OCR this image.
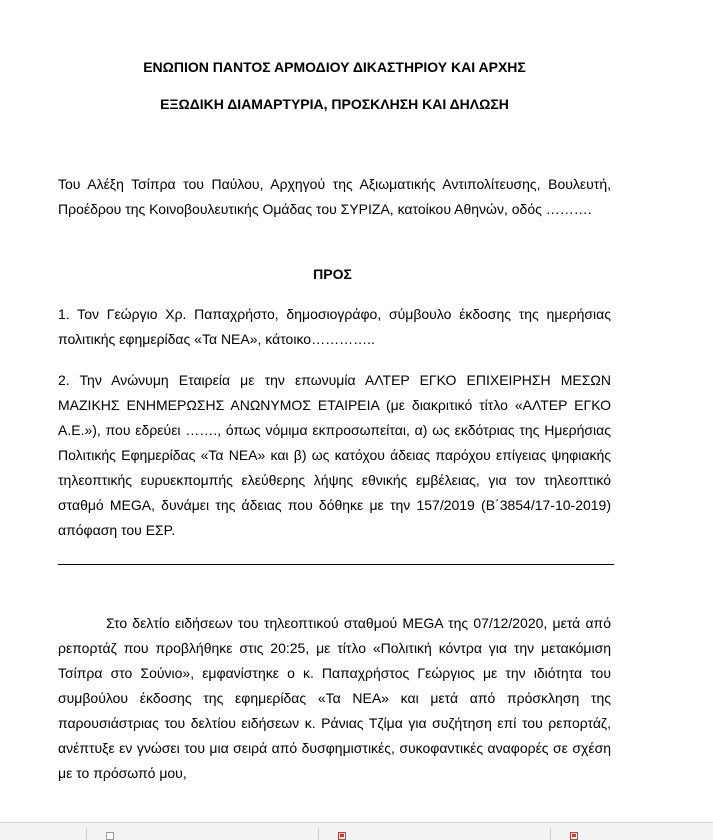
ΕΝΩΠΙΟΝ ΠΑΝΤΟΣ ΑΡΜΟΔΙΟΥ ΔΙΚΑΣΤΗΡΙΟΥ ΚΑΙ ΑΡΧΗΣ
ΕΞΩΔΙΚΗ ΔΙΑΜΑΡΤΥΡΙΑ, ΠΡΟΣΚΛΗΣΗ ΚΑΙ ΔΗΛΩΣΗ

Του Αλέξη Τσίπρα του Παύλου, Αρχηγού της Αξιωματικής Αντιπολίτευσης, Βουλευτή, Προέδρου της Κοινοβουλευτικής Ομάδας του ΣΥΡΙΖΑ, κατοίκου Αθηνών, οδός ……….

ΠΡΟΣ

1. Τον Γεώργιο Χρ. Παπαχρήστο, δημοσιογράφο, σύμβουλο έκδοσης της ημερήσιας πολιτικής εφημερίδας «Τα ΝΕΑ», κάτοικο…………..

2. Την Ανώνυμη Εταιρεία με την επωνυμία ΑΛΤΕΡ ΕΓΚΟ ΕΠΙΧΕΙΡΗΣΗ ΜΕΣΩΝ ΜΑΖΙΚΗΣ ΕΝΗΜΕΡΩΣΗΣ ΑΝΩΝΥΜΟΣ ΕΤΑΙΡΕΙΑ (με διακριτικό τίτλο «ΑΛΤΕΡ ΕΓΚΟ Α.Ε.»), που εδρεύει ……., όπως νόμιμα εκπροσωπείται, α) ως εκδότριας της Ημερήσιας Πολιτικής Εφημερίδας «Τα ΝΕΑ» και β) ως κατόχου άδειας παρόχου επίγειας ψηφιακής τηλεοπτικής ευρυεκπομπής ελεύθερης λήψης εθνικής εμβέλειας, για τον τηλεοπτικό σταθμό MEGA, δυνάμει της άδειας που δόθηκε με την 157/2019 (Β΄3854/17-10-2019) απόφαση του ΕΣΡ.

Στο δελτίο ειδήσεων του τηλεοπτικού σταθμού MEGA της 07/12/2020, μετά από ρεπορτάζ που προβλήθηκε στις 20:25, με τίτλο «Πολιτική κόντρα για την μετακόμιση Τσίπρα στο Σούνιο», εμφανίστηκε ο κ. Παπαχρήστος Γεώργιος με την ιδιότητα του συμβούλου έκδοσης της εφημερίδας «Τα ΝΕΑ» και μετά από πρόσκληση της παρουσιάστριας του δελτίου ειδήσεων κ. Ράνιας Τζίμα για συζήτηση επί του ρεπορτάζ, ανέπτυξε εν γνώσει του μια σειρά από δυσφημιστικές, συκοφαντικές αναφορές σε σχέση με το πρόσωπό μου,
